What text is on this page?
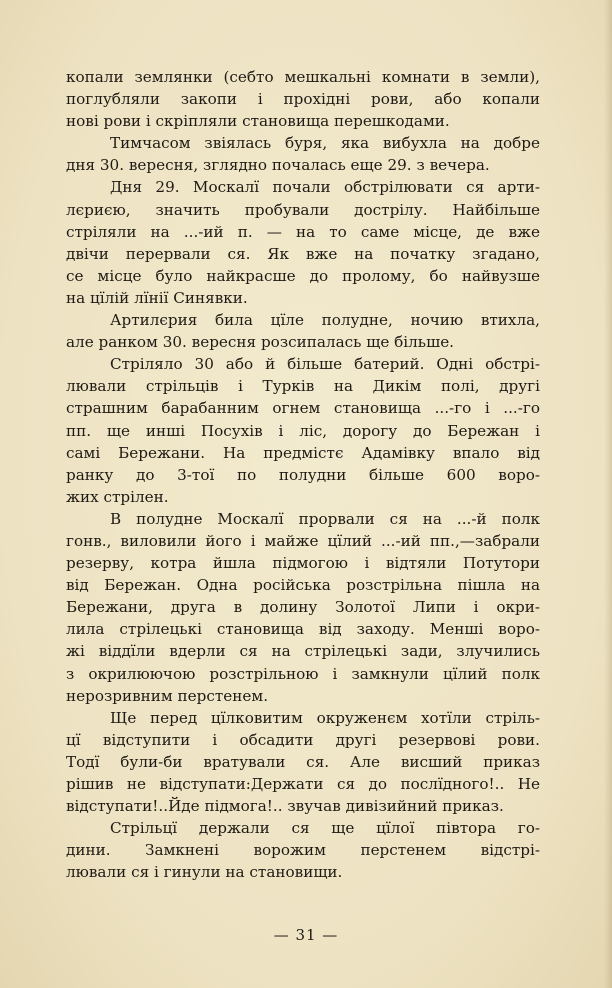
копали землянки (себто мешкальні комнати в земли),
поглубляли закопи і прохідні рови, або копали
нові рови і скріпляли становища перешкодами.
Тимчасом звіялась буря, яка вибухла на добре
дня 30. вересня, зглядно почалась еще 29. з вечера.
Дня 29. Москалї почали обстрілювати ся арти-
лєриєю, значить пробували дострілу. Найбільше
стріляли на ...-ий п. — на то саме місце, де вже
двічи перервали ся. Як вже на початку згадано,
се місце було найкрасше до пролому, бо найвузше
на цїлій лїнії Синявки.
Артилєрия била цїле полудне, ночию втихла,
але ранком 30. вересня розсипалась ще більше.
Стріляло 30 або й більше батерий. Одні обстрі-
лювали стрільців і Турків на Дикім полі, другі
страшним барабанним огнем становища ...-го і ...-го
пп. ще инші Посухів і ліс, дорогу до Бережан і
самі Бережани. На предмістє Адамівку впало від
ранку до 3-тої по полудни більше 600 воро-
жих стрілен.
В полудне Москалї прорвали ся на ...-й полк
гонв., виловили його і майже цїлий ...-ий пп.,—забрали
резерву, котра йшла підмогою і відтяли Потутори
від Бережан. Одна російська розстрільна пішла на
Бережани, друга в долину Золотої Липи і окри-
лила стрілецькі становища від заходу. Менші воро-
жі віддїли вдерли ся на стрілецькі зади, злучились
з окрилюючою розстрільною і замкнули цїлий полк
нерозривним перстенем.
Ще перед цїлковитим окруженєм хотїли стріль-
цї відступити і обсадити другі резервові рови.
Тодї були-би вратували ся. Але висший приказ
рішив не відступати:Держати ся до послїдного!.. Не
відступати!..Йде підмога!.. звучав дивізийний приказ.
Стрільцї держали ся ще цїлої півтора го-
дини. Замкнені ворожим перстенем відстрі-
лювали ся і гинули на становищи.
— 31 —
